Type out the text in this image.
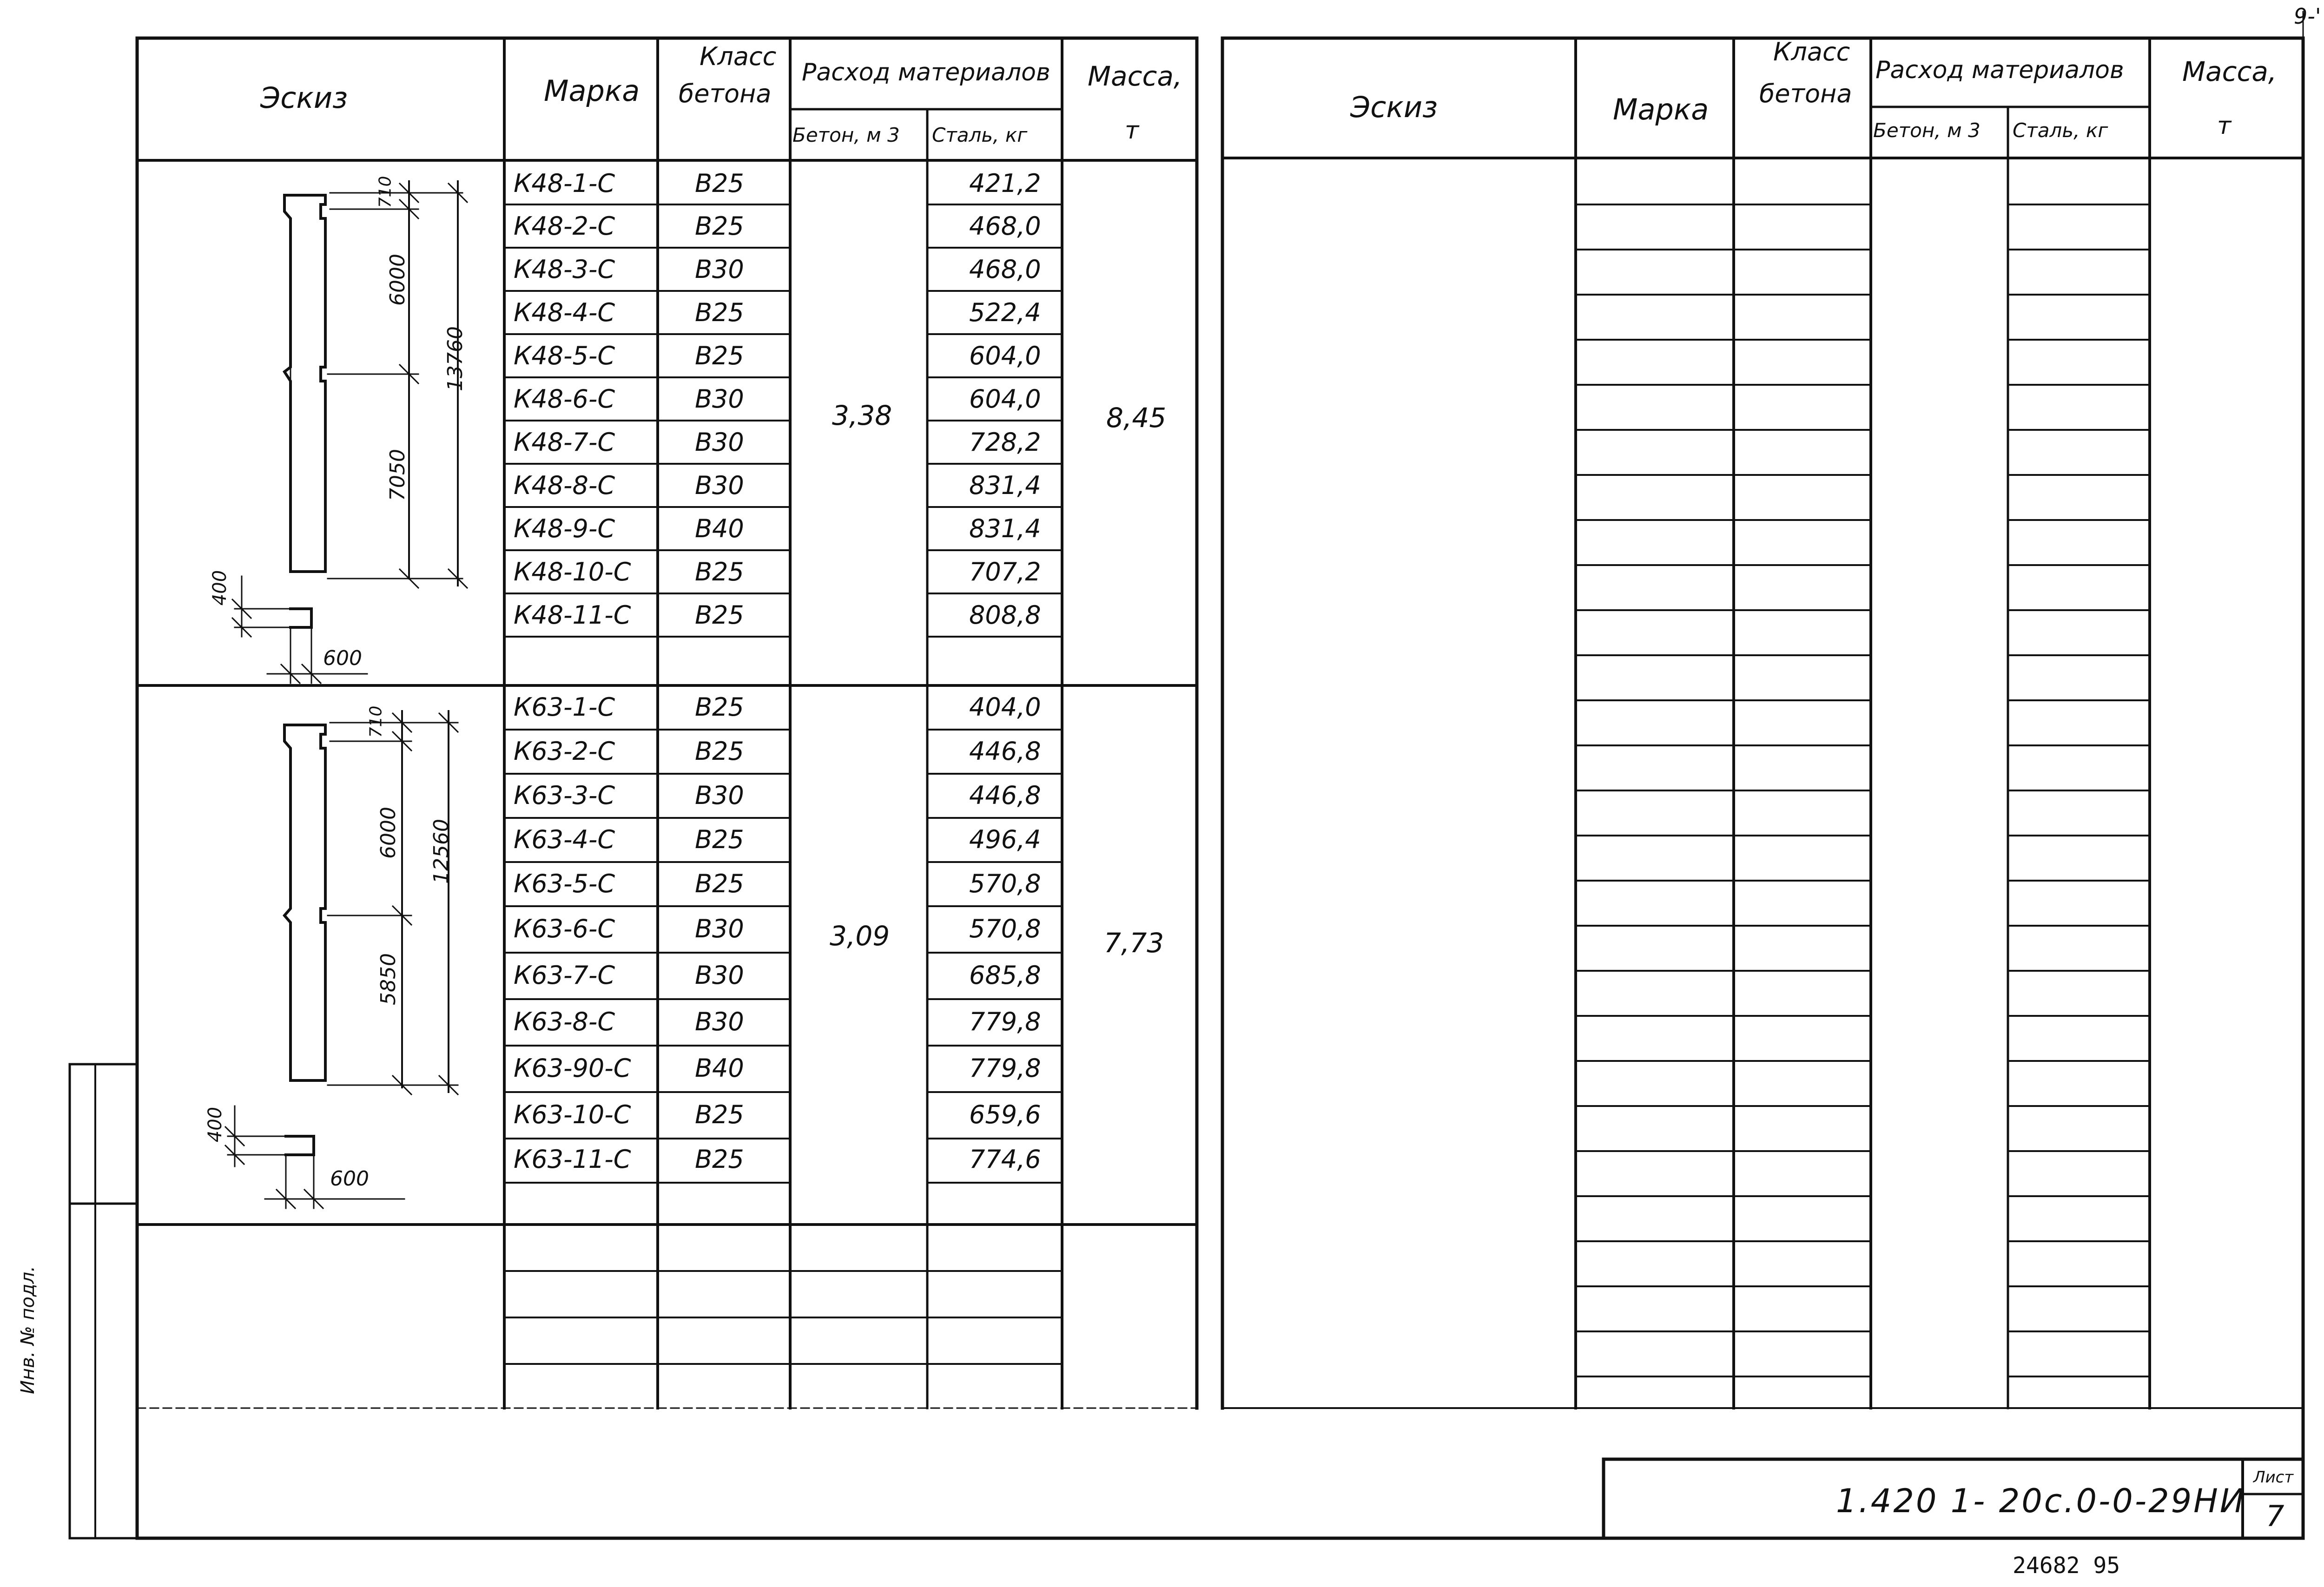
9-'
Эскиз	Марка
Класс
бетона
Расход материалов
Бетон, м 3 Сталь, кг
Масса,
т
Эскиз	Марка
Класс
бетона
Расход материалов
Бетон, м 3 Сталь, кг
Масса,
т
3,38	8,45
3,09	7,73
710
6000
13760
7050
400
600
710
6000 12560
5850
400
600
1.420 1- 20с.0-0-29НИ
Лист
7
Инв. № подл.
24682 95
К48-1-С	В25	421,2
К48-2-С	В25	468,0
К48-3-С	В30	468,0
К48-4-С	В25	522,4
К48-5-С	В25	604,0
К48-6-С	В30	604,0
К48-7-С	В30	728,2
К48-8-С	В30	831,4
К48-9-С	В40	831,4
К48-10-С	В25	707,2
К48-11-С	В25	808,8
К63-1-С	В25	404,0
К63-2-С	В25	446,8
К63-3-С	В30	446,8
К63-4-С	В25	496,4
К63-5-С	В25	570,8
К63-6-С	В30	570,8
К63-7-С	В30	685,8
К63-8-С	В30	779,8
К63-90-С	В40	779,8
К63-10-С	В25	659,6
К63-11-С	В25	774,6
